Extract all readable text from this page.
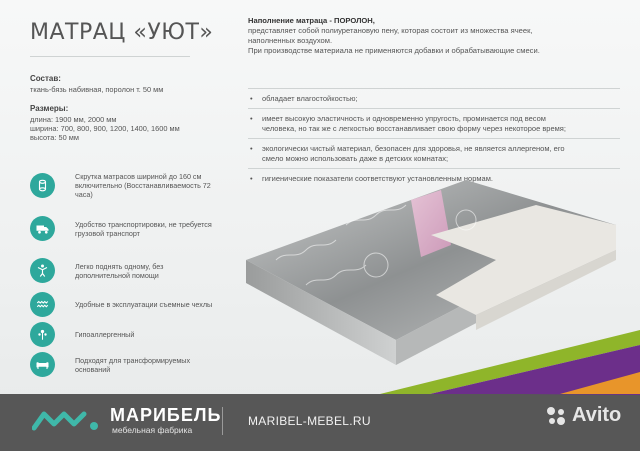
МАТРАЦ «УЮТ»
Состав:
ткань-бязь набивная, поролон т. 50 мм
Размеры:
длина: 1900 мм, 2000 мм
ширина: 700, 800, 900, 1200, 1400, 1600 мм
высота: 50 мм
Скрутка матрасов шириной до 160 см
включительно (Восстанавливаемость 72
часа)
Удобство транспортировки, не требуется
грузовой транспорт
Легко поднять одному, без
дополнительной помощи
Удобные в эксплуатации съемные чехлы
Гипоаллергенный
Подходят для трансформируемых
оснований
Наполнение матраца - ПОРОЛОН,
представляет собой полиуретановую пену, которая состоит из множества ячеек,
наполненных воздухом.
При производстве материала не применяются добавки и обрабатывающие смеси.
•	обладает влагостойкостью;
•	имеет высокую эластичность и одновременно упругость, проминается под весом
человека, но так же с легкостью восстанавливает свою форму через некоторое время;
•	экологически чистый материал, безопасен для здоровья, не является аллергеном, его
смело можно использовать даже в детских комнатах;
•	гигиенические показатели соответствуют установленным нормам.
МАРИБЕЛЬ
мебельная фабрика
MARIBEL-MEBEL.RU	Avito
